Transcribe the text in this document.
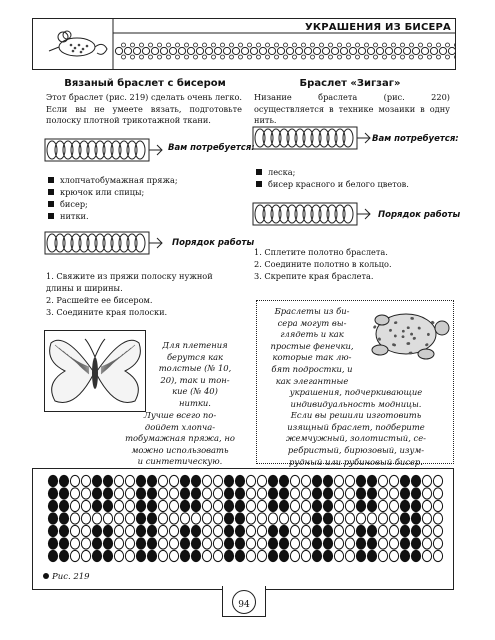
УКРАШЕНИЯ ИЗ БИСЕРА
Вязаный браслет с бисером
Этот браслет (рис. 219) сделать очень легко. Если вы не умеете вязать, подготовьте полоску плотной трикотажной ткани.
Вам потребуется:
хлопчатобумажная пряжа;
крючок или спицы;
бисер;
нитки.
Порядок работы
1. Свяжите из пряжи полоску нужной длины и ширины.
2. Расшейте ее бисером.
3. Соедините края полоски.
Для плетения
берутся как
толстые (№ 10,
20), так и тон-
кие (№ 40)
нитки.
Лучше всего по-
дойдет хлопча-
тобумажная пряжа, но
можно использовать
и синтетическую.
Браслет «Зигзаг»
Низание браслета (рис. 220) осуществляется в технике мозаики в одну нить.
Вам потребуется:
леска;
бисер красного и белого цветов.
Порядок работы
1. Сплетите полотно браслета.
2. Соедините полотно в кольцо.
3. Скрепите края браслета.
Браслеты из би-
сера могут вы-
глядеть и как
простые фенечки,
которые так лю-
бят подростки, и
как элегантные
украшения, подчеркивающие
индивидуальность модницы.
Если вы решили изготовить
изящный браслет, подберите
жемчужный, золотистый, се-
ребристый, бирюзовый, изум-
рудный или рубиновый бисер.
Рис. 219
94
